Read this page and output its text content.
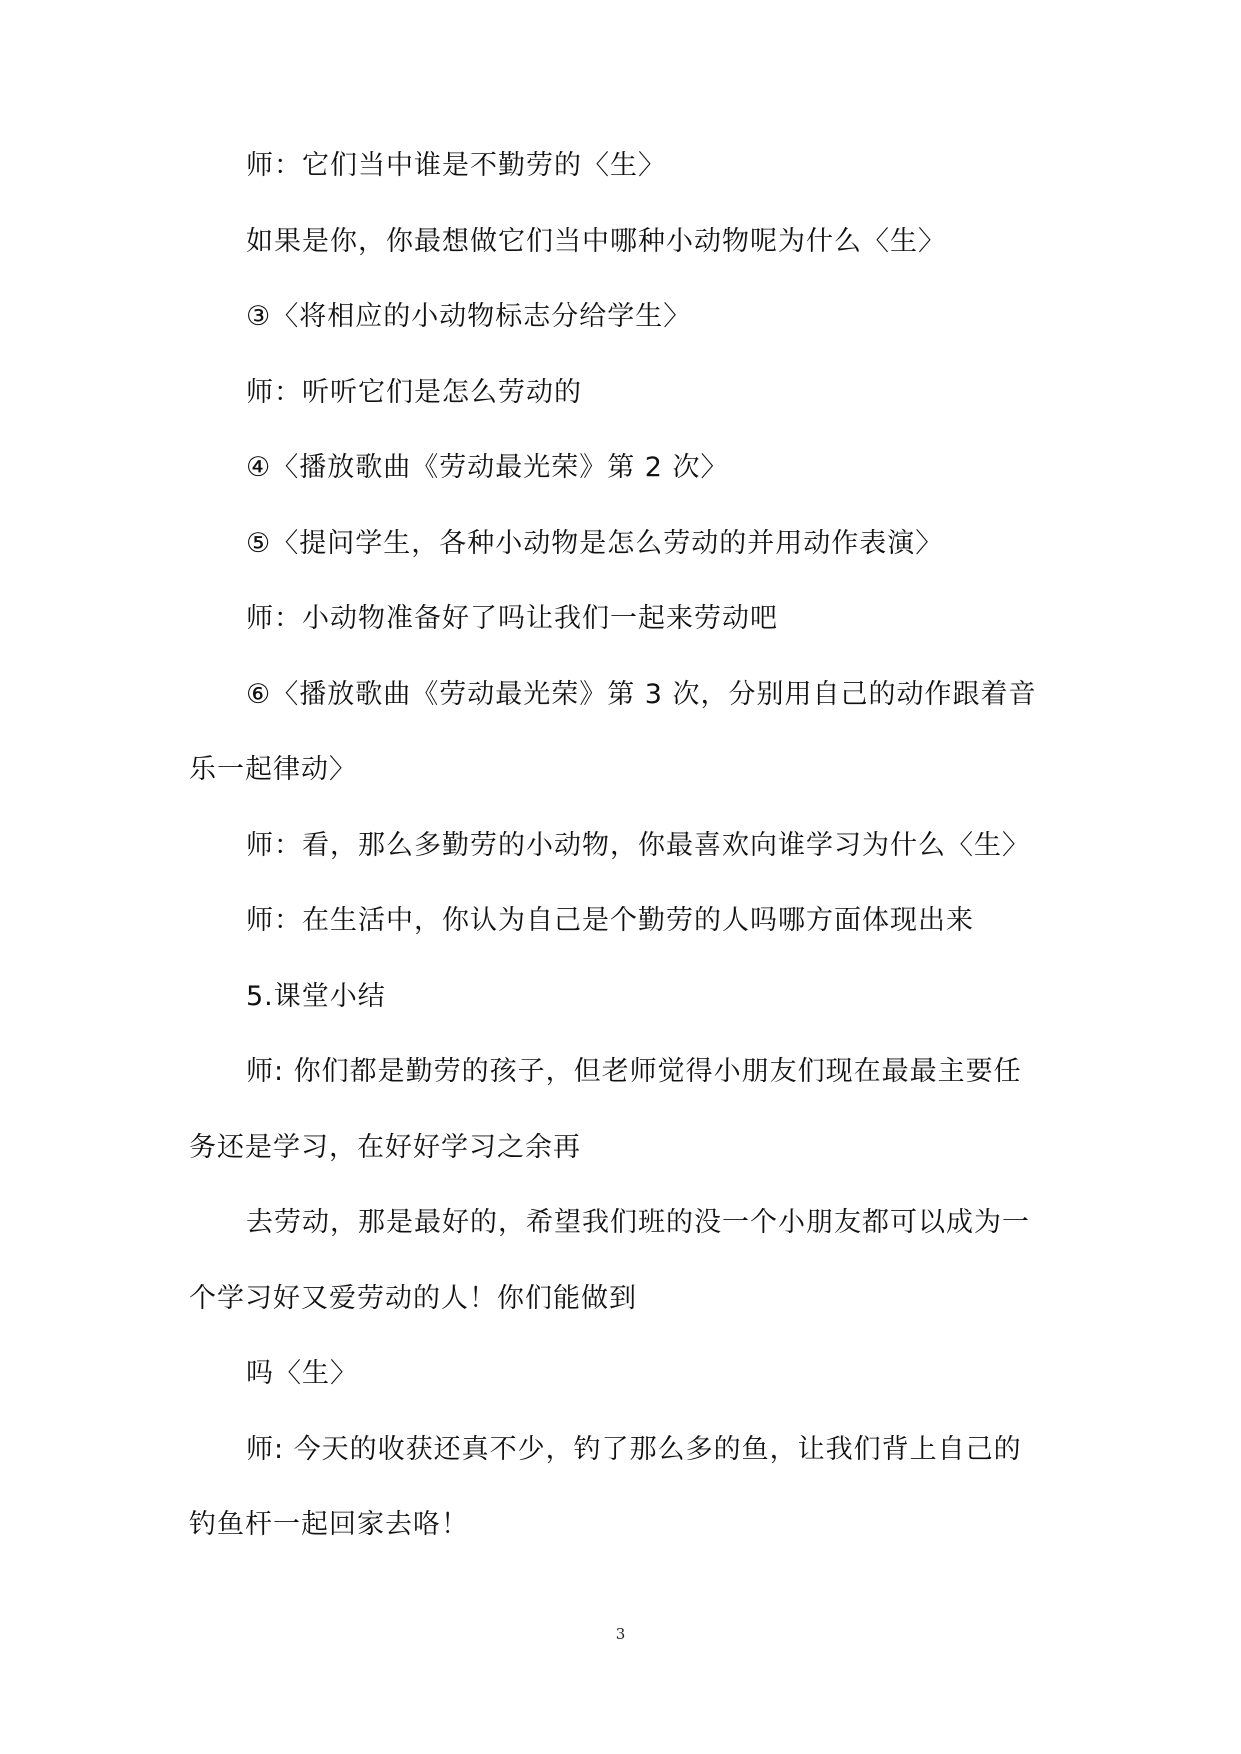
师：它们当中谁是不勤劳的〈生〉
如果是你，你最想做它们当中哪种小动物呢为什么〈生〉
③〈将相应的小动物标志分给学生〉
师：听听它们是怎么劳动的
④〈播放歌曲《劳动最光荣》第 2 次〉
⑤〈提问学生，各种小动物是怎么劳动的并用动作表演〉
师：小动物准备好了吗让我们一起来劳动吧
⑥〈播放歌曲《劳动最光荣》第 3 次，分别用自己的动作跟着音
乐一起律动〉
师：看，那么多勤劳的小动物，你最喜欢向谁学习为什么〈生〉
师：在生活中，你认为自己是个勤劳的人吗哪方面体现出来
5.课堂小结
师: 你们都是勤劳的孩子，但老师觉得小朋友们现在最最主要任
务还是学习，在好好学习之余再
去劳动，那是最好的，希望我们班的没一个小朋友都可以成为一
个学习好又爱劳动的人！你们能做到
吗〈生〉
师: 今天的收获还真不少，钓了那么多的鱼，让我们背上自己的
钓鱼杆一起回家去咯！
3
